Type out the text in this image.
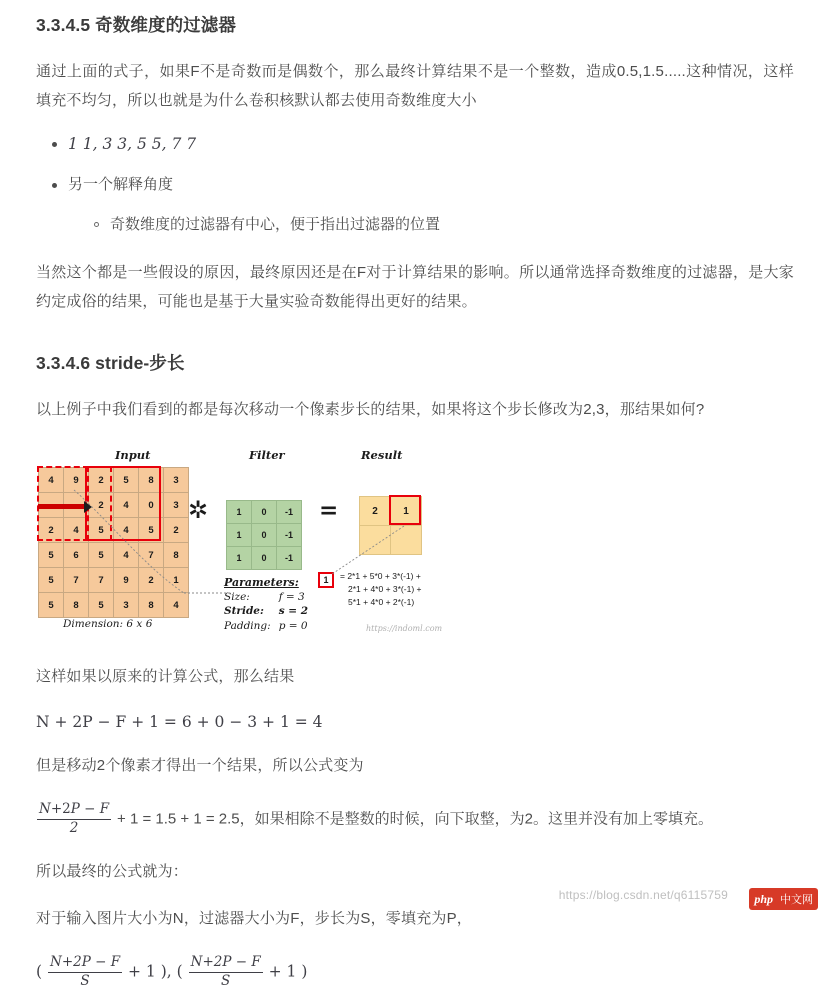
3.3.4.5 奇数维度的过滤器

通过上面的式子，如果F不是奇数而是偶数个，那么最终计算结果不是一个整数，造成0.5,1.5.....这种情况，这样填充不均匀，所以也就是为什么卷积核默认都去使用奇数维度大小

1 1, 3 3, 5 5, 7 7
另一个解释角度
奇数维度的过滤器有中心，便于指出过滤器的位置

当然这个都是一些假设的原因，最终原因还是在F对于计算结果的影响。所以通常选择奇数维度的过滤器，是大家约定成俗的结果，可能也是基于大量实验奇数能得出更好的结果。

3.3.4.6 stride-步长

以上例子中我们看到的都是每次移动一个像素步长的结果，如果将这个步长修改为2,3，那结果如何?

Input	Filter	Result
4	9	2	5	8	3
		2	4	0	3
2	4	5	4	5	2
5	6	5	4	7	8
5	7	7	9	2	1
5	8	5	3	8	4
Dimension: 6 x 6
✲	1	0	-1
1	0	-1
1	0	-1
=	2	1

Parameters:
Size:	f = 3
Stride:	s = 2
Padding:	p = 0
1	= 2*1 + 5*0 + 3*(-1) +
2*1 + 4*0 + 3*(-1) +
5*1 + 4*0 + 2*(-1)
https://indoml.com

这样如果以原来的计算公式，那么结果

N + 2P − F + 1 = 6 + 0 − 3 + 1 = 4

但是移动2个像素才得出一个结果，所以公式变为

$\frac{N+2P - F}{2} + 1 = 1.5 + 1 = 2.5$，如果相除不是整数的时候，向下取整，为2。这里并没有加上零填充。

所以最终的公式就为：

对于输入图片大小为N，过滤器大小为F，步长为S，零填充为P，

( $\frac{N+2P - F}{S} + 1$ ), ( $\frac{N+2P - F}{S} + 1$ )
https://blog.csdn.net/q6115759	php 中文网
